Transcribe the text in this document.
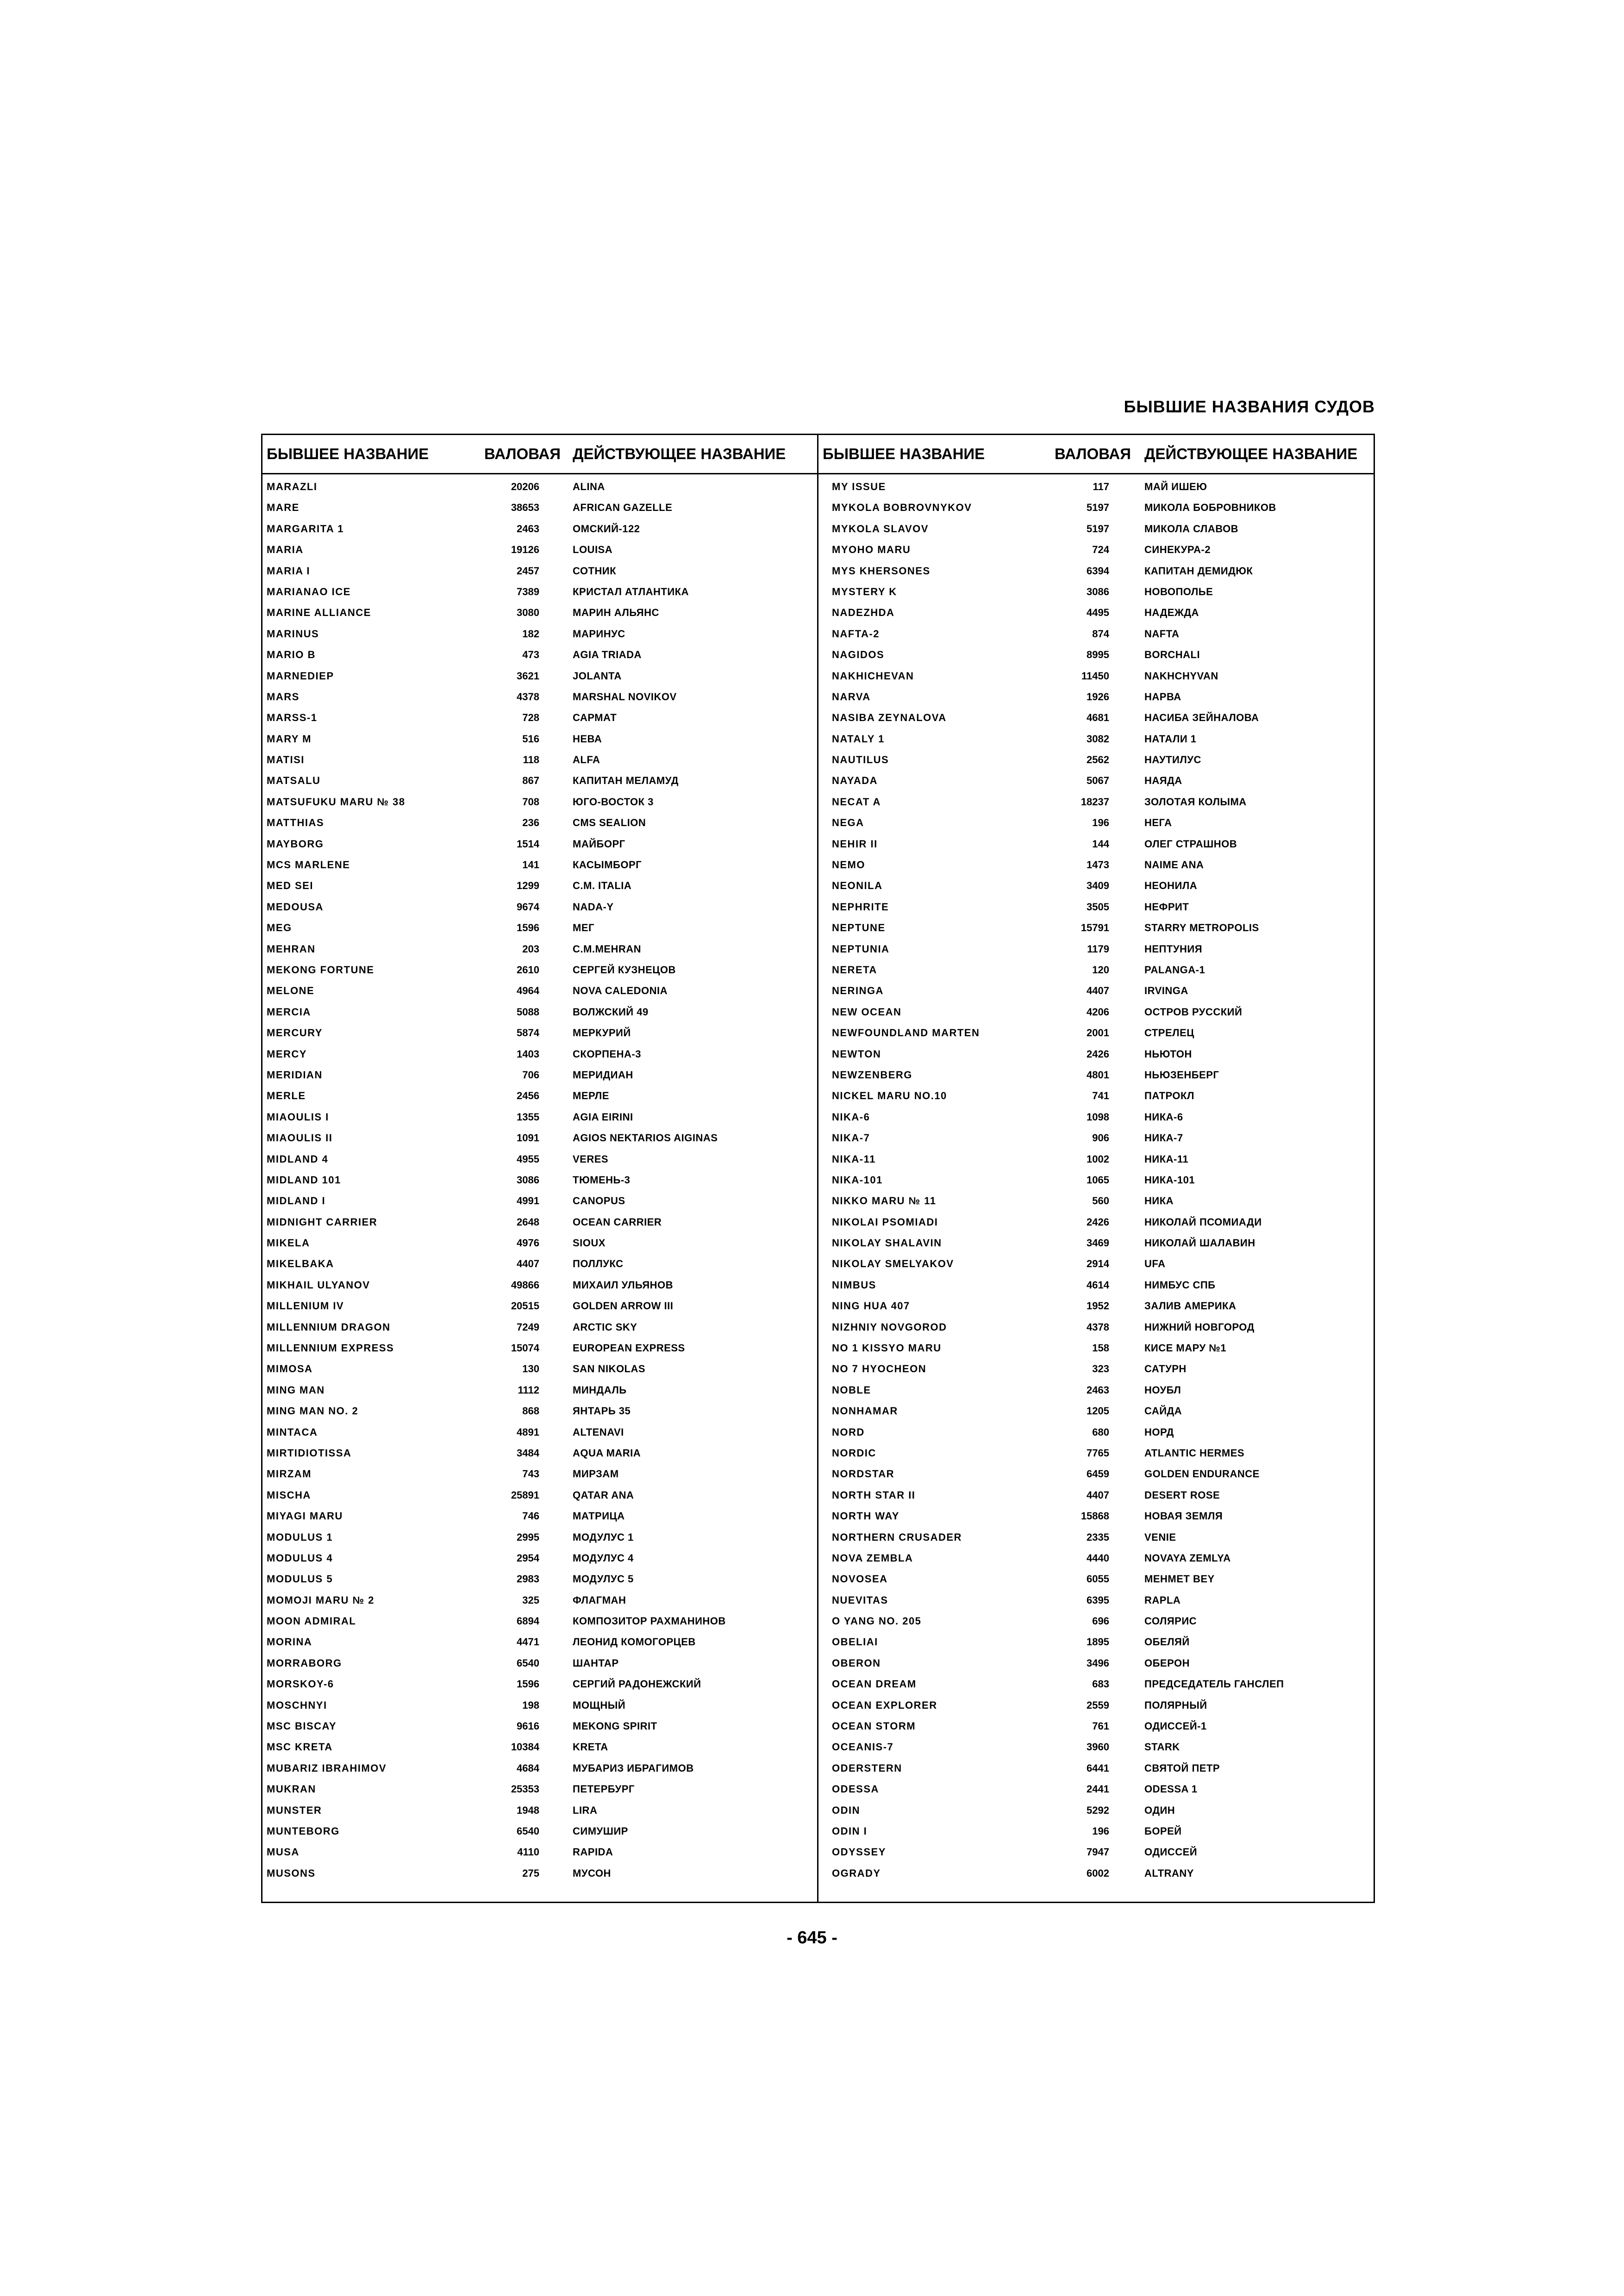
БЫВШИЕ НАЗВАНИЯ СУДОВ
БЫВШЕЕ НАЗВАНИЕ	ВАЛОВАЯ ДЕЙСТВУЮЩЕЕ НАЗВАНИЕ
MARAZLI	20206	ALINA
MARE	38653	AFRICAN GAZELLE
MARGARITA 1	2463	ОМСКИЙ-122
MARIA	19126	LOUISA
MARIA I	2457	СОТНИК
MARIANAO ICE	7389	КРИСТАЛ АТЛАНТИКА
MARINE ALLIANCE	3080	МАРИН АЛЬЯНС
MARINUS	182	МАРИНУС
MARIO B	473	AGIA TRIADA
MARNEDIEP	3621	JOLANTA
MARS	4378	MARSHAL NOVIKOV
MARSS-1	728	САРМАТ
MARY M	516	НЕВА
MATISI	118	ALFA
MATSALU	867	КАПИТАН МЕЛАМУД
MATSUFUKU MARU № 38	708	ЮГО-ВОСТОК 3
MATTHIAS	236	CMS SEALION
MAYBORG	1514	МАЙБОРГ
MCS MARLENE	141	КАСЫМБОРГ
MED SEI	1299	C.M. ITALIA
MEDOUSA	9674	NADA-Y
MEG	1596	МЕГ
MEHRAN	203	C.M.MEHRAN
MEKONG FORTUNE	2610	СЕРГЕЙ КУЗНЕЦОВ
MELONE	4964	NOVA CALEDONIA
MERCIA	5088	ВОЛЖСКИЙ 49
MERCURY	5874	МЕРКУРИЙ
MERCY	1403	СКОРПЕНА-3
MERIDIAN	706	МЕРИДИАН
MERLE	2456	МЕРЛЕ
MIAOULIS I	1355	AGIA EIRINI
MIAOULIS II	1091	AGIOS NEKTARIOS AIGINAS
MIDLAND 4	4955	VERES
MIDLAND 101	3086	ТЮМЕНЬ-3
MIDLAND I	4991	CANOPUS
MIDNIGHT CARRIER	2648	OCEAN CARRIER
MIKELA	4976	SIOUX
MIKELBAKA	4407	ПОЛЛУКС
MIKHAIL ULYANOV	49866	МИХАИЛ УЛЬЯНОВ
MILLENIUM IV	20515	GOLDEN ARROW III
MILLENNIUM DRAGON	7249	ARCTIC SKY
MILLENNIUM EXPRESS	15074	EUROPEAN EXPRESS
MIMOSA	130	SAN NIKOLAS
MING MAN	1112	МИНДАЛЬ
MING MAN NO. 2	868	ЯНТАРЬ 35
MINTACA	4891	ALTENAVI
MIRTIDIOTISSA	3484	AQUA MARIA
MIRZAM	743	МИРЗАМ
MISCHA	25891	QATAR ANA
MIYAGI MARU	746	МАТРИЦА
MODULUS 1	2995	МОДУЛУС 1
MODULUS 4	2954	МОДУЛУС 4
MODULUS 5	2983	МОДУЛУС 5
MOMOJI MARU № 2	325	ФЛАГМАН
MOON ADMIRAL	6894	КОМПОЗИТОР РАХМАНИНОВ
MORINA	4471	ЛЕОНИД КОМОГОРЦЕВ
MORRABORG	6540	ШАНТАР
MORSKOY-6	1596	СЕРГИЙ РАДОНЕЖСКИЙ
MOSCHNYI	198	МОЩНЫЙ
MSC BISCAY	9616	MEKONG SPIRIT
MSC KRETA	10384	KRETA
MUBARIZ IBRAHIMOV	4684	МУБАРИЗ ИБРАГИМОВ
MUKRAN	25353	ПЕТЕРБУРГ
MUNSTER	1948	LIRA
MUNTEBORG	6540	СИМУШИР
MUSA	4110	RAPIDA
MUSONS	275	МУСОН
БЫВШЕЕ НАЗВАНИЕ	ВАЛОВАЯ ДЕЙСТВУЮЩЕЕ НАЗВАНИЕ
MY ISSUE	117	МАЙ ИШЕЮ
MYKOLA BOBROVNYKOV	5197	МИКОЛА БОБРОВНИКОВ
MYKOLA SLAVOV	5197	МИКОЛА СЛАВОВ
MYOHO MARU	724	СИНЕКУРА-2
MYS KHERSONES	6394	КАПИТАН ДЕМИДЮК
MYSTERY K	3086	НОВОПОЛЬЕ
NADEZHDA	4495	НАДЕЖДА
NAFTA-2	874	NAFTA
NAGIDOS	8995	BORCHALI
NAKHICHEVAN	11450	NAKHCHYVAN
NARVA	1926	НАРВА
NASIBA ZEYNALOVA	4681	НАСИБА ЗЕЙНАЛОВА
NATALY 1	3082	НАТАЛИ 1
NAUTILUS	2562	НАУТИЛУС
NAYADA	5067	НАЯДА
NECAT A	18237	ЗОЛОТАЯ КОЛЫМА
NEGA	196	НЕГА
NEHIR II	144	ОЛЕГ СТРАШНОВ
NEMO	1473	NAIME ANA
NEONILA	3409	НЕОНИЛА
NEPHRITE	3505	НЕФРИТ
NEPTUNE	15791	STARRY METROPOLIS
NEPTUNIA	1179	НЕПТУНИЯ
NERETA	120	PALANGA-1
NERINGA	4407	IRVINGA
NEW OCEAN	4206	ОСТРОВ РУССКИЙ
NEWFOUNDLAND MARTEN	2001	СТРЕЛЕЦ
NEWTON	2426	НЬЮТОН
NEWZENBERG	4801	НЬЮЗЕНБЕРГ
NICKEL MARU NO.10	741	ПАТРОКЛ
NIKA-6	1098	НИКА-6
NIKA-7	906	НИКА-7
NIKA-11	1002	НИКА-11
NIKA-101	1065	НИКА-101
NIKKO MARU № 11	560	НИКА
NIKOLAI PSOMIADI	2426	НИКОЛАЙ ПСОМИАДИ
NIKOLAY SHALAVIN	3469	НИКОЛАЙ ШАЛАВИН
NIKOLAY SMELYAKOV	2914	UFA
NIMBUS	4614	НИМБУС СПБ
NING HUA 407	1952	ЗАЛИВ АМЕРИКА
NIZHNIY NOVGOROD	4378	НИЖНИЙ НОВГОРОД
NO 1 KISSYO MARU	158	КИСЕ МАРУ №1
NO 7 HYOCHEON	323	САТУРН
NOBLE	2463	НОУБЛ
NONHAMAR	1205	САЙДА
NORD	680	НОРД
NORDIC	7765	ATLANTIC HERMES
NORDSTAR	6459	GOLDEN ENDURANCE
NORTH STAR II	4407	DESERT ROSE
NORTH WAY	15868	НОВАЯ ЗЕМЛЯ
NORTHERN CRUSADER	2335	VENIE
NOVA ZEMBLA	4440	NOVAYA ZEMLYA
NOVOSEA	6055	MEHMET BEY
NUEVITAS	6395	RAPLA
O YANG NO. 205	696	СОЛЯРИС
OBELIAI	1895	ОБЕЛЯЙ
OBERON	3496	ОБЕРОН
OCEAN DREAM	683	ПРЕДСЕДАТЕЛЬ ГАНСЛЕП
OCEAN EXPLORER	2559	ПОЛЯРНЫЙ
OCEAN STORM	761	ОДИССЕЙ-1
OCEANIS-7	3960	STARK
ODERSTERN	6441	СВЯТОЙ ПЕТР
ODESSA	2441	ODESSA 1
ODIN	5292	ОДИН
ODIN I	196	БОРЕЙ
ODYSSEY	7947	ОДИССЕЙ
OGRADY	6002	ALTRANY
- 645 -
